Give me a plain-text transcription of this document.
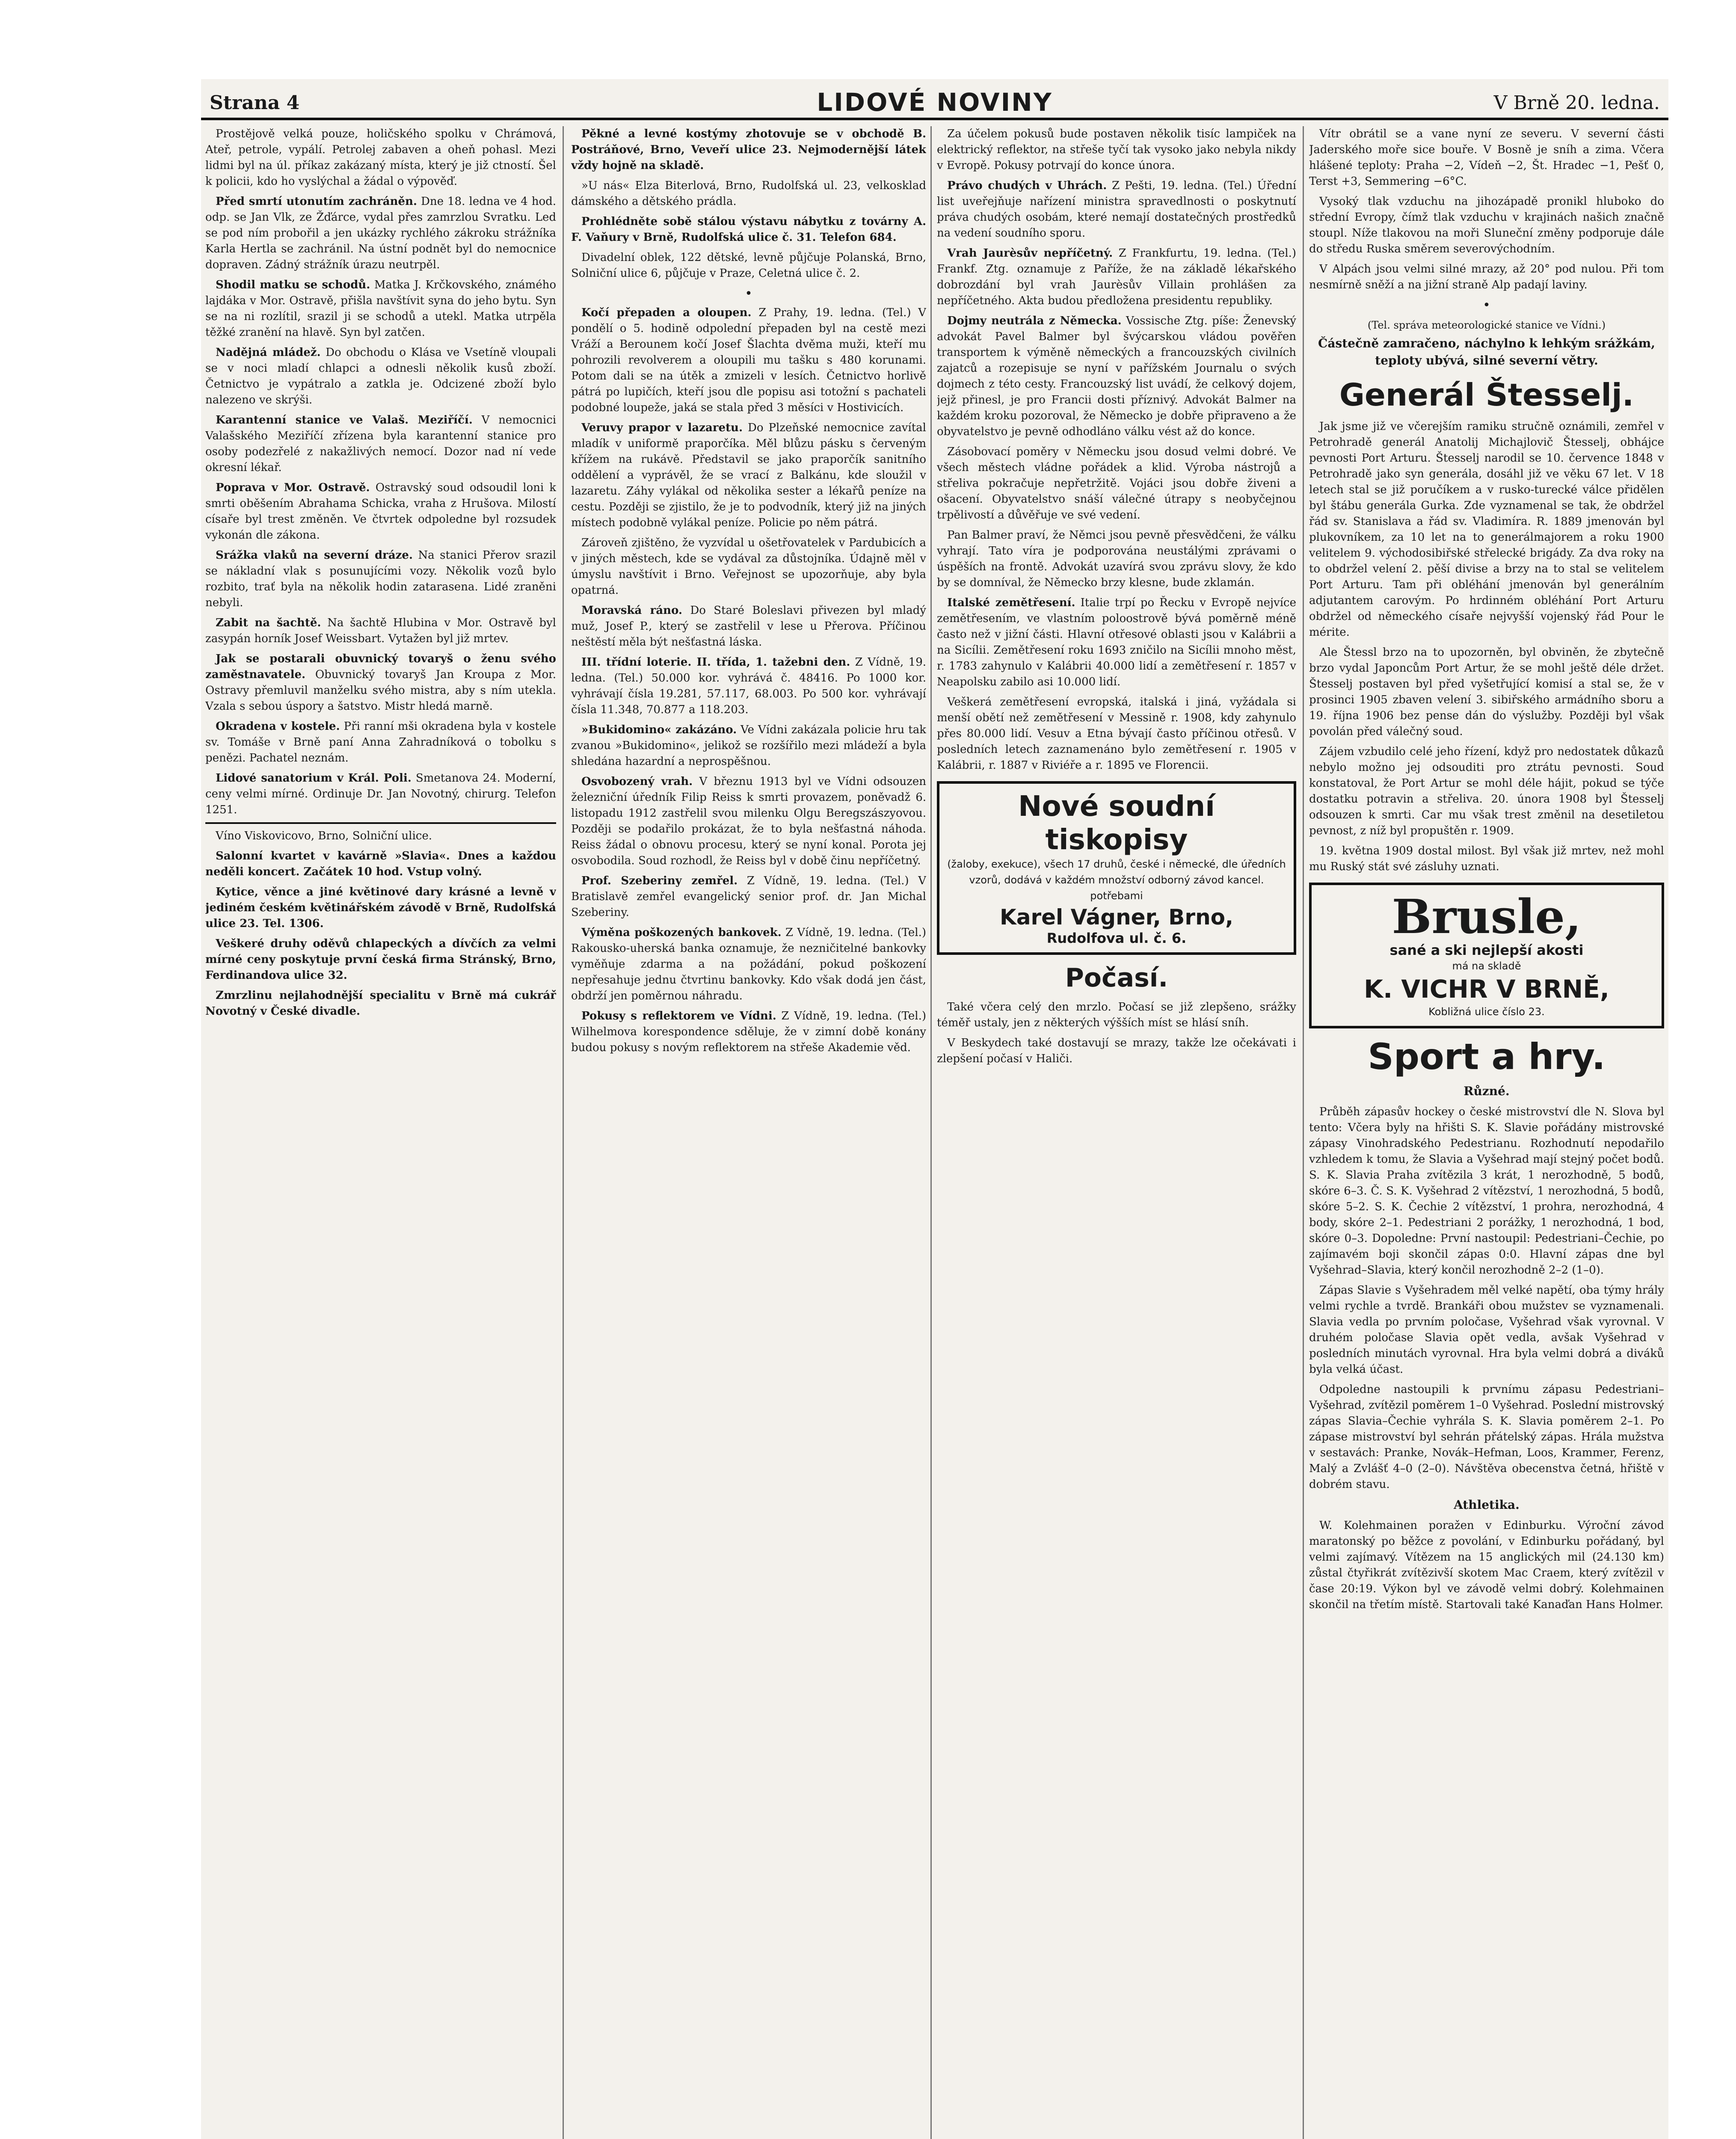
Strana 4	LIDOVÉ NOVINY	V Brně 20. ledna.

Prostějově velká pouze, holičského spolku v Chrámová, Ateř, petrole, vypálí. Petrolej zabaven a oheň pohasl. Mezi lidmi byl na úl. příkaz zakázaný místa, který je již ctností. Šel k policii, kdo ho vyslýchal a žádal o výpověď.

Před smrtí utonutím zachráněn. Dne 18. ledna ve 4 hod. odp. se Jan Vlk, ze Žďárce, vydal přes zamrzlou Svratku. Led se pod ním probořil a jen ukázky rychlého zákroku strážníka Karla Hertla se zachránil. Na ústní podnět byl do nemocnice dopraven. Zádný strážník úrazu neutrpěl.

Shodil matku se schodů. Matka J. Krčkovského, známého lajdáka v Mor. Ostravě, přišla navštívit syna do jeho bytu. Syn se na ni rozlítil, srazil ji se schodů a utekl. Matka utrpěla těžké zranění na hlavě. Syn byl zatčen.

Nadějná mládež. Do obchodu o Klása ve Vsetíně vloupali se v noci mladí chlapci a odnesli několik kusů zboží. Četnictvo je vypátralo a zatkla je. Odcizené zboží bylo nalezeno ve skrýši.

Karantenní stanice ve Valaš. Meziříčí. V nemocnici Valašského Meziříčí zřízena byla karantenní stanice pro osoby podezřelé z nakažlivých nemocí. Dozor nad ní vede okresní lékař.

Poprava v Mor. Ostravě. Ostravský soud odsoudil loni k smrti oběšením Abrahama Schicka, vraha z Hrušova. Milostí císaře byl trest změněn. Ve čtvrtek odpoledne byl rozsudek vykonán dle zákona.

Srážka vlaků na severní dráze. Na stanici Přerov srazil se nákladní vlak s posunujícími vozy. Několik vozů bylo rozbito, trať byla na několik hodin zatarasena. Lidé zraněni nebyli.

Zabit na šachtě. Na šachtě Hlubina v Mor. Ostravě byl zasypán horník Josef Weissbart. Vytažen byl již mrtev.

Jak se postarali obuvnický tovaryš o ženu svého zaměstnavatele. Obuvnický tovaryš Jan Kroupa z Mor. Ostravy přemluvil manželku svého mistra, aby s ním utekla. Vzala s sebou úspory a šatstvo. Mistr hledá marně.

Okradena v kostele. Při ranní mši okradena byla v kostele sv. Tomáše v Brně paní Anna Zahradníková o tobolku s penězi. Pachatel neznám.

Lidové sanatorium v Král. Poli. Smetanova 24. Moderní, ceny velmi mírné. Ordinuje Dr. Jan Novotný, chirurg. Telefon 1251.

Víno Viskovicovo, Brno, Solniční ulice.

Salonní kvartet v kavárně »Slavia«. Dnes a každou neděli koncert. Začátek 10 hod. Vstup volný.

Kytice, věnce a jiné květinové dary krásné a levně v jediném českém květinářském závodě v Brně, Rudolfská ulice 23. Tel. 1306.

Veškeré druhy oděvů chlapeckých a dívčích za velmi mírné ceny poskytuje první česká firma Stránský, Brno, Ferdinandova ulice 32.

Zmrzlinu nejlahodnější specialitu v Brně má cukrář Novotný v České divadle.

Pěkné a levné kostýmy zhotovuje se v obchodě B. Postráňové, Brno, Veveří ulice 23. Nejmodernější látek vždy hojně na skladě.

»U nás« Elza Biterlová, Brno, Rudolfská ul. 23, velkosklad dámského a dětského prádla.

Prohlédněte sobě stálou výstavu nábytku z továrny A. F. Vaňury v Brně, Rudolfská ulice č. 31. Telefon 684.

Divadelní oblek, 122 dětské, levně půjčuje Polanská, Brno, Solniční ulice 6, půjčuje v Praze, Celetná ulice č. 2.

•

Kočí přepaden a oloupen. Z Prahy, 19. ledna. (Tel.) V pondělí o 5. hodině odpolední přepaden byl na cestě mezi Vráží a Berounem kočí Josef Šlachta dvěma muži, kteří mu pohrozili revolverem a oloupili mu tašku s 480 korunami. Potom dali se na útěk a zmizeli v lesích. Četnictvo horlivě pátrá po lupičích, kteří jsou dle popisu asi totožní s pachateli podobné loupeže, jaká se stala před 3 měsíci v Hostivicích.

Veruvy prapor v lazaretu. Do Plzeňské nemocnice zavítal mladík v uniformě praporčíka. Měl blůzu pásku s červeným křížem na rukávě. Představil se jako praporčík sanitního oddělení a vyprávěl, že se vrací z Balkánu, kde sloužil v lazaretu. Záhy vylákal od několika sester a lékařů peníze na cestu. Později se zjistilo, že je to podvodník, který již na jiných místech podobně vylákal peníze. Policie po něm pátrá.

Zároveň zjištěno, že vyzvídal u ošetřovatelek v Pardubicích a v jiných městech, kde se vydával za důstojníka. Údajně měl v úmyslu navštívit i Brno. Veřejnost se upozorňuje, aby byla opatrná.

Moravská ráno. Do Staré Boleslavi přivezen byl mladý muž, Josef P., který se zastřelil v lese u Přerova. Příčinou neštěstí měla být nešťastná láska.

III. třídní loterie. II. třída, 1. tažebni den. Z Vídně, 19. ledna. (Tel.) 50.000 kor. vyhrává č. 48416. Po 1000 kor. vyhrávají čísla 19.281, 57.117, 68.003. Po 500 kor. vyhrávají čísla 11.348, 70.877 a 118.203.

»Bukidomino« zakázáno. Ve Vídni zakázala policie hru tak zvanou »Bukidomino«, jelikož se rozšířilo mezi mládeží a byla shledána hazardní a neprospěšnou.

Osvobozený vrah. V březnu 1913 byl ve Vídni odsouzen železniční úředník Filip Reiss k smrti provazem, poněvadž 6. listopadu 1912 zastřelil svou milenku Olgu Beregszászyovou. Později se podařilo prokázat, že to byla nešťastná náhoda. Reiss žádal o obnovu procesu, který se nyní konal. Porota jej osvobodila. Soud rozhodl, že Reiss byl v době činu nepříčetný.

Prof. Szeberiny zemřel. Z Vídně, 19. ledna. (Tel.) V Bratislavě zemřel evangelický senior prof. dr. Jan Michal Szeberiny.

Výměna poškozených bankovek. Z Vídně, 19. ledna. (Tel.) Rakousko-uherská banka oznamuje, že nezničitelné bankovky vyměňuje zdarma a na požádání, pokud poškození nepřesahuje jednu čtvrtinu bankovky. Kdo však dodá jen část, obdrží jen poměrnou náhradu.

Pokusy s reflektorem ve Vídni. Z Vídně, 19. ledna. (Tel.) Wilhelmova korespondence sděluje, že v zimní době konány budou pokusy s novým reflektorem na střeše Akademie věd.

Za účelem pokusů bude postaven několik tisíc lampiček na elektrický reflektor, na střeše tyčí tak vysoko jako nebyla nikdy v Evropě. Pokusy potrvají do konce února.

Právo chudých v Uhrách. Z Pešti, 19. ledna. (Tel.) Úřední list uveřejňuje nařízení ministra spravedlnosti o poskytnutí práva chudých osobám, které nemají dostatečných prostředků na vedení soudního sporu.

Vrah Jaurèsův nepříčetný. Z Frankfurtu, 19. ledna. (Tel.) Frankf. Ztg. oznamuje z Paříže, že na základě lékařského dobrozdání byl vrah Jaurèsův Villain prohlášen za nepříčetného. Akta budou předložena presidentu republiky.

Dojmy neutrála z Německa. Vossische Ztg. píše: Ženevský advokát Pavel Balmer byl švýcarskou vládou pověřen transportem k výměně německých a francouzských civilních zajatců a rozepisuje se nyní v pařížském Journalu o svých dojmech z této cesty. Francouzský list uvádí, že celkový dojem, jejž přinesl, je pro Francii dosti příznivý. Advokát Balmer na každém kroku pozoroval, že Německo je dobře připraveno a že obyvatelstvo je pevně odhodláno válku vést až do konce.

Zásobovací poměry v Německu jsou dosud velmi dobré. Ve všech městech vládne pořádek a klid. Výroba nástrojů a střeliva pokračuje nepřetržitě. Vojáci jsou dobře živeni a ošacení. Obyvatelstvo snáší válečné útrapy s neobyčejnou trpělivostí a důvěřuje ve své vedení.

Pan Balmer praví, že Němci jsou pevně přesvědčeni, že válku vyhrají. Tato víra je podporována neustálými zprávami o úspěších na frontě. Advokát uzavírá svou zprávu slovy, že kdo by se domníval, že Německo brzy klesne, bude zklamán.

Italské zemětřesení. Italie trpí po Řecku v Evropě nejvíce zemětřesením, ve vlastním poloostrově bývá poměrně méně často než v jižní části. Hlavní otřesové oblasti jsou v Kalábrii a na Sicílii. Zemětřesení roku 1693 zničilo na Sicílii mnoho měst, r. 1783 zahynulo v Kalábrii 40.000 lidí a zemětřesení r. 1857 v Neapolsku zabilo asi 10.000 lidí.

Veškerá zemětřesení evropská, italská i jiná, vyžádala si menší obětí než zemětřesení v Messině r. 1908, kdy zahynulo přes 80.000 lidí. Vesuv a Etna bývají často příčinou otřesů. V posledních letech zaznamenáno bylo zemětřesení r. 1905 v Kalábrii, r. 1887 v Riviéře a r. 1895 ve Florencii.

Nové soudní tiskopisy
(žaloby, exekuce), všech 17 druhů, české i německé, dle úředních vzorů, dodává v každém množství odborný závod kancel. potřebami
Karel Vágner, Brno,
Rudolfova ul. č. 6.
Počasí.

Také včera celý den mrzlo. Počasí se již zlepšeno, srážky téměř ustaly, jen z některých výšších míst se hlásí sníh.

V Beskydech také dostavují se mrazy, takže lze očekávati i zlepšení počasí v Haliči.

Vítr obrátil se a vane nyní ze severu. V severní části Jaderského moře sice bouře. V Bosně je sníh a zima. Včera hlášené teploty: Praha −2, Vídeň −2, Št. Hradec −1, Pešť 0, Terst +3, Semmering −6°C.

Vysoký tlak vzduchu na jihozápadě pronikl hluboko do střední Evropy, čímž tlak vzduchu v krajinách našich značně stoupl. Níže tlakovou na moři Sluneční změny podporuje dále do středu Ruska směrem severovýchodním.

V Alpách jsou velmi silné mrazy, až 20° pod nulou. Při tom nesmírně sněží a na jižní straně Alp padají laviny.

•
(Tel. správa meteorologické stanice ve Vídni.)
Částečně zamračeno, náchylno k lehkým srážkám, teploty ubývá, silné severní větry.
Generál Štesselj.

Jak jsme již ve včerejším ramiku stručně oznámili, zemřel v Petrohradě generál Anatolij Michajlovič Štesselj, obhájce pevnosti Port Arturu. Štesselj narodil se 10. července 1848 v Petrohradě jako syn generála, dosáhl již ve věku 67 let. V 18 letech stal se již poručíkem a v rusko-turecké válce přidělen byl štábu generála Gurka. Zde vyznamenal se tak, že obdržel řád sv. Stanislava a řád sv. Vladimíra. R. 1889 jmenován byl plukovníkem, za 10 let na to generálmajorem a roku 1900 velitelem 9. východosibiřské střelecké brigády. Za dva roky na to obdržel velení 2. pěší divise a brzy na to stal se velitelem Port Arturu. Tam při obléhání jmenován byl generálním adjutantem carovým. Po hrdinném obléhání Port Arturu obdržel od německého císaře nejvyšší vojenský řád Pour le mérite.

Ale Štessl brzo na to upozorněn, byl obviněn, že zbytečně brzo vydal Japoncům Port Artur, že se mohl ještě déle držet. Štesselj postaven byl před vyšetřující komisí a stal se, že v prosinci 1905 zbaven velení 3. sibiřského armádního sboru a 19. října 1906 bez pense dán do výslužby. Později byl však povolán před válečný soud.

Zájem vzbudilo celé jeho řízení, když pro nedostatek důkazů nebylo možno jej odsouditi pro ztrátu pevnosti. Soud konstatoval, že Port Artur se mohl déle hájit, pokud se týče dostatku potravin a střeliva. 20. února 1908 byl Štesselj odsouzen k smrti. Car mu však trest změnil na desetiletou pevnost, z níž byl propuštěn r. 1909.

19. května 1909 dostal milost. Byl však již mrtev, než mohl mu Ruský stát své zásluhy uznati.

Brusle,
sané a ski nejlepší akosti
má na skladě
K. VICHR V BRNĚ,
Kobližná ulice číslo 23.
Sport a hry.
Různé.

Průběh zápasův hockey o české mistrovství dle N. Slova byl tento: Včera byly na hřišti S. K. Slavie pořádány mistrovské zápasy Vinohradského Pedestrianu. Rozhodnutí nepodařilo vzhledem k tomu, že Slavia a Vyšehrad mají stejný počet bodů. S. K. Slavia Praha zvítězila 3 krát, 1 nerozhodně, 5 bodů, skóre 6–3. Č. S. K. Vyšehrad 2 vítězství, 1 nerozhodná, 5 bodů, skóre 5–2. S. K. Čechie 2 vítězství, 1 prohra, nerozhodná, 4 body, skóre 2–1. Pedestriani 2 porážky, 1 nerozhodná, 1 bod, skóre 0–3. Dopoledne: První nastoupil: Pedestriani–Čechie, po zajímavém boji skončil zápas 0:0. Hlavní zápas dne byl Vyšehrad–Slavia, který končil nerozhodně 2–2 (1–0).

Zápas Slavie s Vyšehradem měl velké napětí, oba týmy hrály velmi rychle a tvrdě. Brankáři obou mužstev se vyznamenali. Slavia vedla po prvním poločase, Vyšehrad však vyrovnal. V druhém poločase Slavia opět vedla, avšak Vyšehrad v posledních minutách vyrovnal. Hra byla velmi dobrá a diváků byla velká účast.

Odpoledne nastoupili k prvnímu zápasu Pedestriani–Vyšehrad, zvítězil poměrem 1–0 Vyšehrad. Poslední mistrovský zápas Slavia–Čechie vyhrála S. K. Slavia poměrem 2–1. Po zápase mistrovství byl sehrán přátelský zápas. Hrála mužstva v sestavách: Pranke, Novák–Hefman, Loos, Krammer, Ferenz, Malý a Zvlášť 4–0 (2–0). Návštěva obecenstva četná, hřiště v dobrém stavu.

Athletika.

W. Kolehmainen poražen v Edinburku. Výroční závod maratonský po běžce z povolání, v Edinburku pořádaný, byl velmi zajímavý. Vítězem na 15 anglických mil (24.130 km) zůstal čtyřikrát zvítězivší skotem Mac Craem, který zvítězil v čase 20:19. Výkon byl ve závodě velmi dobrý. Kolehmainen skončil na třetím místě. Startovali také Kanaďan Hans Holmer.
